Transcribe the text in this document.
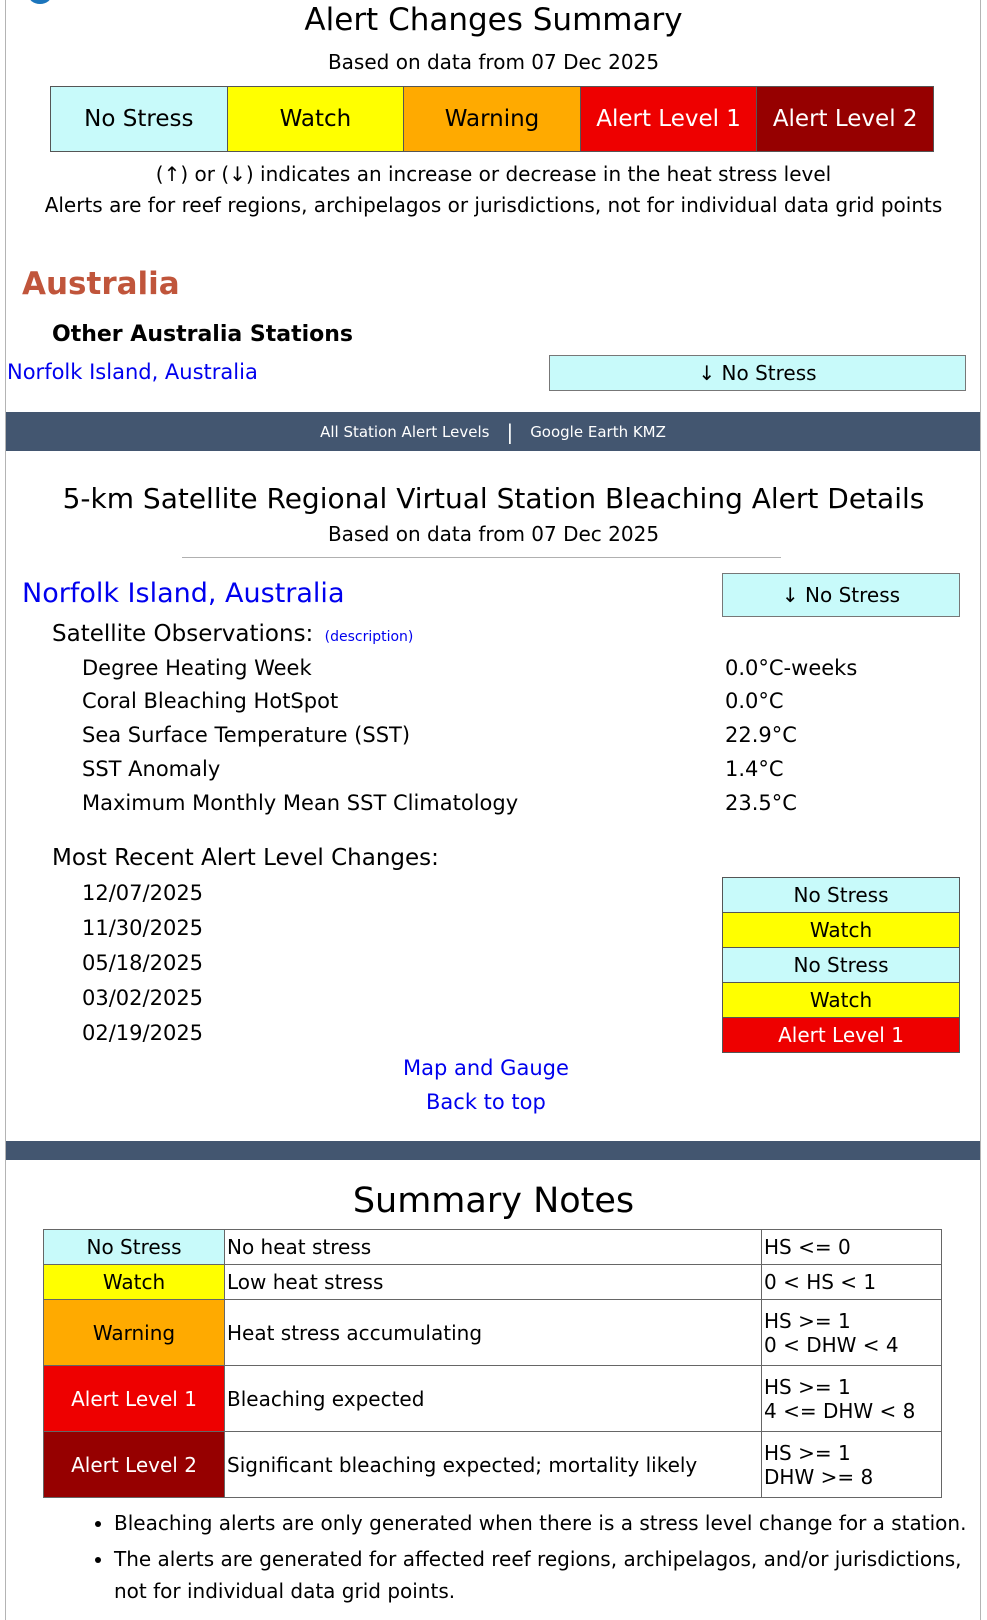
Alert Changes Summary
Based on data from 07 Dec 2025
No Stress	Watch	Warning	Alert Level 1	Alert Level 2
(↑) or (↓) indicates an increase or decrease in the heat stress level
Alerts are for reef regions, archipelagos or jurisdictions, not for individual data grid points
Australia
Other Australia Stations
Norfolk Island, Australia	↓ No Stress
All Station Alert Levels | Google Earth KMZ
5-km Satellite Regional Virtual Station Bleaching Alert Details
Based on data from 07 Dec 2025
Norfolk Island, Australia	↓ No Stress
Satellite Observations: (description)
Degree Heating Week	0.0°C-weeks
Coral Bleaching HotSpot	0.0°C
Sea Surface Temperature (SST)	22.9°C
SST Anomaly	1.4°C
Maximum Monthly Mean SST Climatology	23.5°C
Most Recent Alert Level Changes:
12/07/2025	No Stress
11/30/2025	Watch
05/18/2025	No Stress
03/02/2025	Watch
02/19/2025	Alert Level 1
Map and Gauge
Back to top
Summary Notes
No Stress	No heat stress	HS <= 0

Watch	Low heat stress	0 < HS < 1

Warning	Heat stress accumulating	HS >= 1
0 < DHW < 4

Alert Level 1	Bleaching expected	HS >= 1
4 <= DHW < 8

Alert Level 2	Significant bleaching expected; mortality likely	HS >= 1
DHW >= 8
• Bleaching alerts are only generated when there is a stress level change for a station.
• The alerts are generated for affected reef regions, archipelagos, and/or jurisdictions, not for individual data grid points.
